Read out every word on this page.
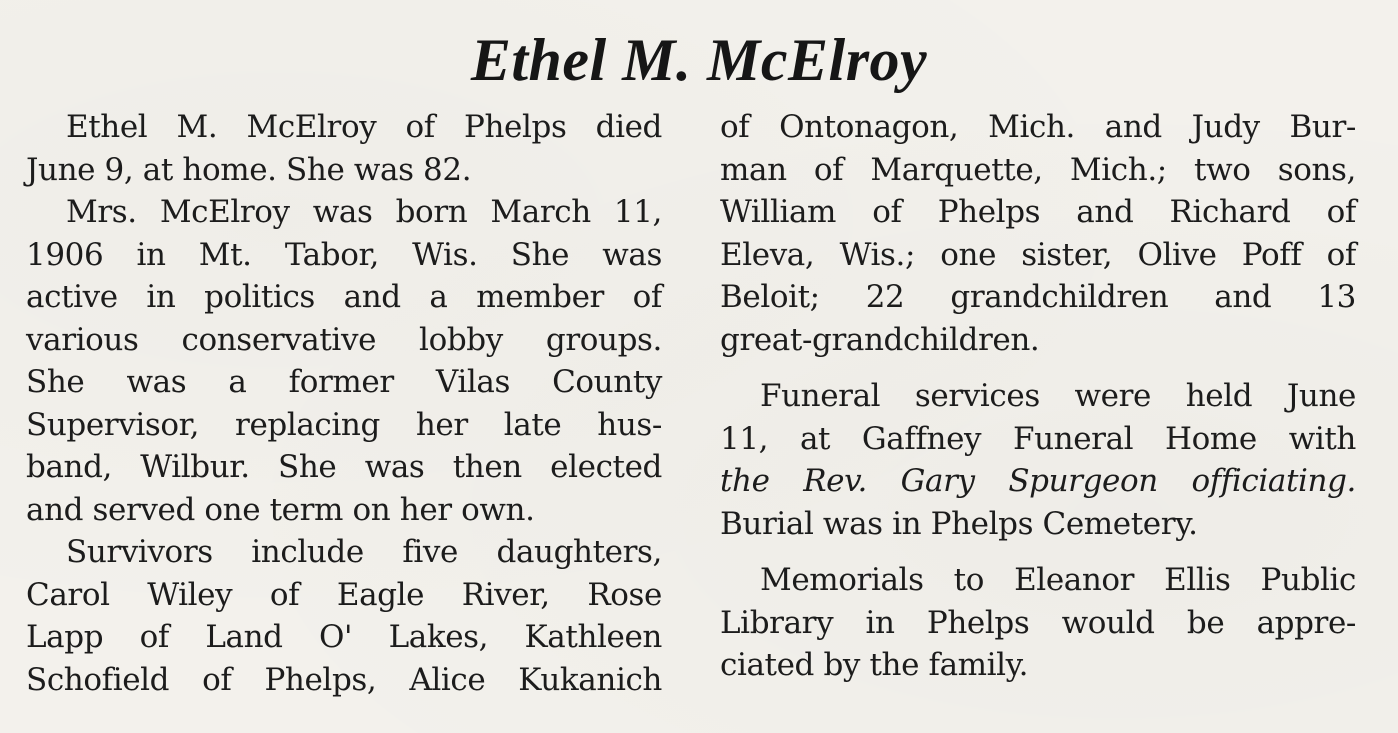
Ethel M. McElroy
Ethel M. McElroy of Phelps died
June 9, at home. She was 82.
Mrs. McElroy was born March 11,
1906 in Mt. Tabor, Wis. She was
active in politics and a member of
various conservative lobby groups.
She was a former Vilas County
Supervisor, replacing her late hus-
band, Wilbur. She was then elected
and served one term on her own.
Survivors include five daughters,
Carol Wiley of Eagle River, Rose
Lapp of Land O' Lakes, Kathleen
Schofield of Phelps, Alice Kukanich
of Ontonagon, Mich. and Judy Bur-
man of Marquette, Mich.; two sons,
William of Phelps and Richard of
Eleva, Wis.; one sister, Olive Poff of
Beloit; 22 grandchildren and 13
great-grandchildren.
Funeral services were held June
11, at Gaffney Funeral Home with
the Rev. Gary Spurgeon officiating.
Burial was in Phelps Cemetery.
Memorials to Eleanor Ellis Public
Library in Phelps would be appre-
ciated by the family.
